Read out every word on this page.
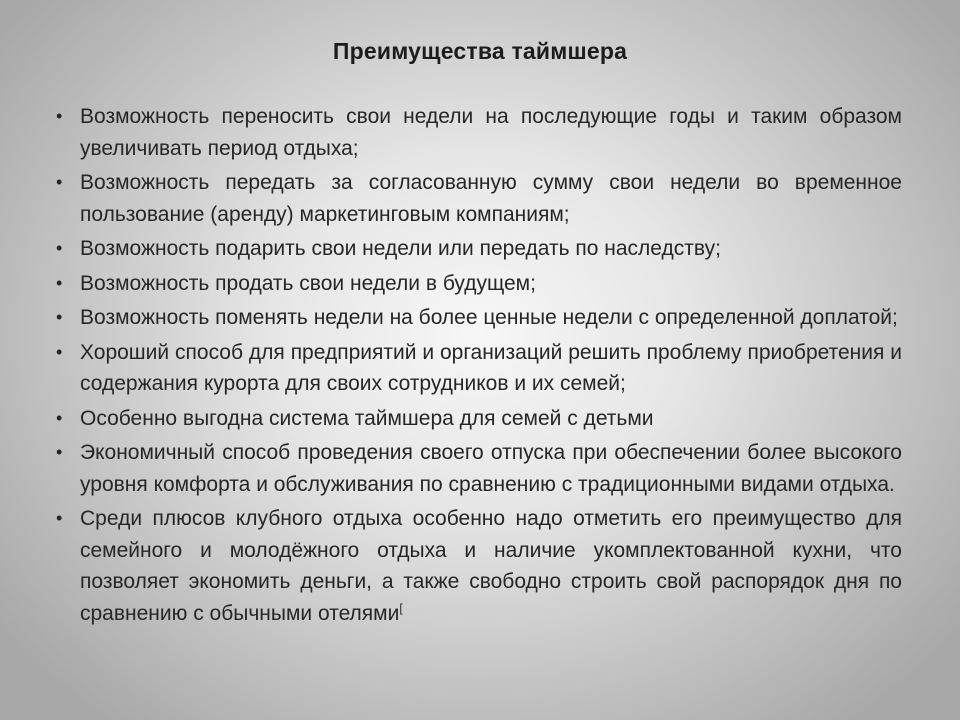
Преимущества таймшера
• Возможность переносить свои недели на последующие годы и таким образом увеличивать период отдыха;
• Возможность передать за согласованную сумму свои недели во временное пользование (аренду) маркетинговым компаниям;
• Возможность подарить свои недели или передать по наследству;
• Возможность продать свои недели в будущем;
• Возможность поменять недели на более ценные недели с определенной доплатой;
• Хороший способ для предприятий и организаций решить проблему приобретения и содержания курорта для своих сотрудников и их семей;
• Особенно выгодна система таймшера для семей с детьми
• Экономичный способ проведения своего отпуска при обеспечении более высокого уровня комфорта и обслуживания по сравнению с традиционными видами отдыха.
• Среди плюсов клубного отдыха особенно надо отметить его преимущество для семейного и молодёжного отдыха и наличие укомплектованной кухни, что позволяет экономить деньги, а также свободно строить свой распорядок дня по сравнению с обычными отелями[
